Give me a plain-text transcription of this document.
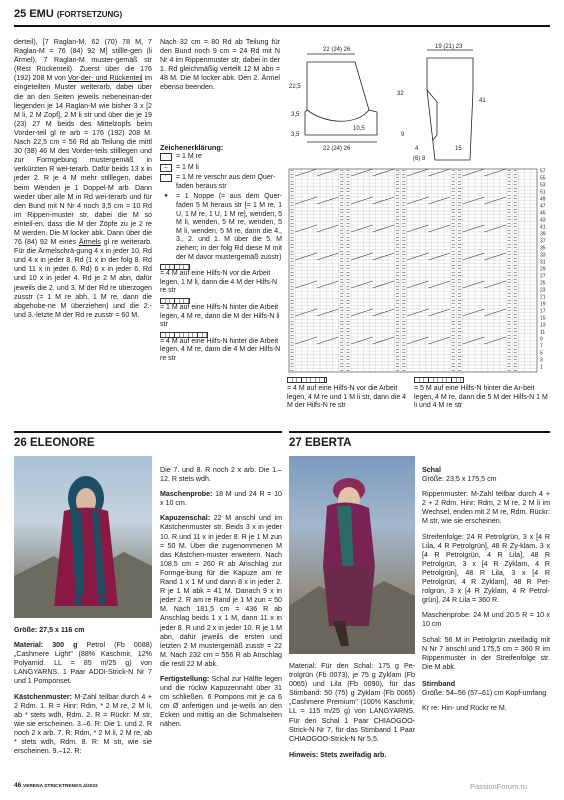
25 EMU (FORTSETZUNG)
derteil), [7 Raglan-M, 62 (70) 78 M, 7 Raglan-M = 76 (84) 92 M] stillle-gen (li Ärmel), 7 Raglan-M muster-gemäß str (Rest Rückenteil). Zuerst über die 176 (192) 208 M von Vor-der- und Rückenteil im eingeteilten Muster weiterarb, dabei über die an den Seiten jeweils nebeneinan-der liegenden je 14 Raglan-M wie bisher 3 x [2 M li, 2 M Zopf], 2 M li str und über die je 19 (23) 27 M beids des Mittelzopfs beim Vorder-teil gl re arb = 176 (192) 208 M. Nach 22,5 cm = 56 Rd ab Teilung die mittl 30 (38) 46 M des Vorder-teils stilllegen und zur Formgebung mustergemäß in verkürzten R wei-terarb. Dafür beids 13 x in jeder 2. R je 4 M mehr stilllegen, dabei beim Wenden je 1 Doppel-M arb. Dann wieder über alle M in Rd wei-terarb und für den Bund mit N Nr 4 noch 3,5 cm = 10 Rd im Rippen-muster str, dabei die M so einteil-en, dass die M der Zöpfe zu je 2 re M werden. Die M locker abk. Dann über die 76 (84) 92 M eines Ärmels gl re weiterarb. Für die Ärmelschrä-gung 4 x in jeder 10. Rd und 4 x in jeder 8. Rd (1 x in der folg 8. Rd und 11 x in jeder 6. Rd) 6 x in jeder 6. Rd und 10 x in jeder 4. Rd je 2 M abn, dafür jeweils die 2. und 3. M der Rd re überzogen zusstr (= 1 M re abh, 1 M re, dann die abgehobe-ne M überziehen) und die 2.- und 3.-letzte M der Rd re zusstr = 60 M.

Nach 32 cm = 80 Rd ab Teilung für den Bund noch 9 cm = 24 Rd mit N Nr 4 im Rippenmuster str, dabei in der 1. Rd gleichmäßig verteilt 12 M abn = 48 M. Die M locker abk. Den 2. Ärmel ebenso beenden.

Zeichenerklärung:
= 1 M re
–	= 1 M li
⌜	= 1 M re verschr aus dem Quer-faden heraus str
●	= 1 Noppe (= aus dem Quer-faden 5 M heraus str [= 1 M re, 1 U, 1 M re, 1 U, 1 M re], wenden, 5 M li, wenden, 5 M re, wenden, 5 M li, wenden, 5 M re, dann die 4., 3., 2. und 1. M über die 5. M ziehen; in der folg Rd diese M mit der M davor mustergemäß zusstr)
= 4 M auf eine Hilfs-N vor die Arbeit legen, 1 M li, dann die 4 M der Hilfs-N re str
= 1 M auf eine Hilfs-N hinter die Arbeit legen, 4 M re, dann die M der Hilfs-N li str
= 4 M auf eine Hilfs-N hinter die Arbeit legen, 4 M re, dann die 4 M der Hilfs-N re str
22 (24) 26
22,5
3,5
10,5
3,5
22 (24) 26
19 (21) 23
32
41
9
4	15
(6) 8
57
55
53
51
49
47
45
43
41
39
37
35
33
31
29
27
25
23
21
19
17
15
13
11
9
7
5
3
1
= 4 M auf eine Hilfs-N vor die Arbeit legen, 4 M re und 1 M li str, dann die 4 M der Hilfs-N re str
= 5 M auf eine Hilfs-N hinter die Ar-beit legen, 4 M re, dann die 5 M der Hilfs-N 1 M li und 4 M re str
26 ELEONORE

Größe: 27,5 x 116 cm

Material: 300 g Petrol (Fb 0088) „Cashmere Light" (88% Kaschmir, 12% Polyamid. LL = 85 m/25 g) von LANGYARNS. 1 Paar ADDI-Strick-N Nr 7 und 1 Pomponset.

Kästchenmuster: M-Zahl teilbar durch 4 + 2 Rdm. 1. R = Hinr: Rdm, * 2 M re, 2 M li, ab * stets wdh, Rdm. 2. R = Rückr: M str, wie sie erscheinen. 3.–6. R: Die 1. und 2. R noch 2 x arb. 7. R: Rdm, * 2 M li, 2 M re, ab * stets wdh, Rdm. 8. R: M str, wie sie erscheinen. 9.–12. R:

Die 7. und 8. R noch 2 x arb. Die 1.–12. R stets wdh.

Maschenprobe: 18 M und 24 R = 10 x 10 cm.

Kapuzenschal: 22 M anschl und im Kästchenmuster str. Beids 3 x in jeder 10. R und 11 x in jeder 8. R je 1 M zun = 50 M. Über die zugenommenen M das Kästchen-muster erweitern. Nach 108,5 cm = 260 R ab Anschlag zur Formge-bung für die Kapuze am re Rand 1 x 1 M und dann 8 x in jeder 2. R je 1 M abk = 41 M. Danach 9 x in jeder 2. R am re Rand je 1 M zun = 50 M. Nach 181,5 cm = 436 R ab Anschlag beids 1 x 1 M, dann 11 x in jeder 8. R und 2 x in jeder 10. R je 1 M abn, dafür jeweils die ersten und letzten 2 M mustergemäß zusstr = 22 M. Nach 232 cm = 556 R ab Anschlag die restl 22 M abk.

Fertigstellung: Schal zur Hälfte legen und die rückw Kapuzennaht über 31 cm schließen. 6 Pompons mit je ca 6 cm Ø anfertigen und je-weils an den Ecken und mittig an die Schmalseiten nähen.

27 EBERTA

Material: Für den Schal: 175 g Pe-trolgrün (Fb 0073), je 75 g Zyklam (Fb 0065) und Lila (Fb 0090), für das Stirnband: 50 (75) g Zyklam (Fb 0065) „Cashmere Premium" (100% Kaschmir, LL = 115 m/25 g) von LANGYARNS. Für den Schal 1 Paar CHIAOGOO-Strick-N Nr 7, für das Stirnband 1 Paar CHIAOGOO-Strick-N Nr 5,5.

Hinweis: Stets zweifadig arb.

Schal

Größe: 23,5 x 175,5 cm

Rippenmuster: M-Zahl teilbar durch 4 + 2 + 2 Rdm. Hinr: Rdm, 2 M re, 2 M li im Wechsel, enden mit 2 M re, Rdm. Rückr: M str, wie sie erscheinen.

Streifenfolge: 24 R Petrolgrün, 3 x [4 R Lila, 4 R Petrolgrün], 48 R Zy-klam, 3 x [4 R Petrolgrün, 4 R Lila], 48 R Petrolgrün, 3 x [4 R Zyklam, 4 R Petrolgrün], 48 R Lila, 3 x [4 R Petrolgrün, 4 R Zyklam], 48 R Pet-rolgrün, 3 x [4 R Zyklam, 4 R Petrol-grün], 24 R Lila = 360 R.

Maschenprobe: 24 M und 20.5 R = 10 x 10 cm

Schal: 56 M in Petrolgrün zweifadig mit N Nr 7 anschl und 175,5 cm = 360 R im Rippenmuster in der Streifenfolge str. Die M abk.

Stirnband

Größe: 54–56 (57–61) cm Kopf-umfang

Kr re: Hin- und Rückr re M.

46 VERENA STRICKTRENDS 4/2022	PassionForum.ru
